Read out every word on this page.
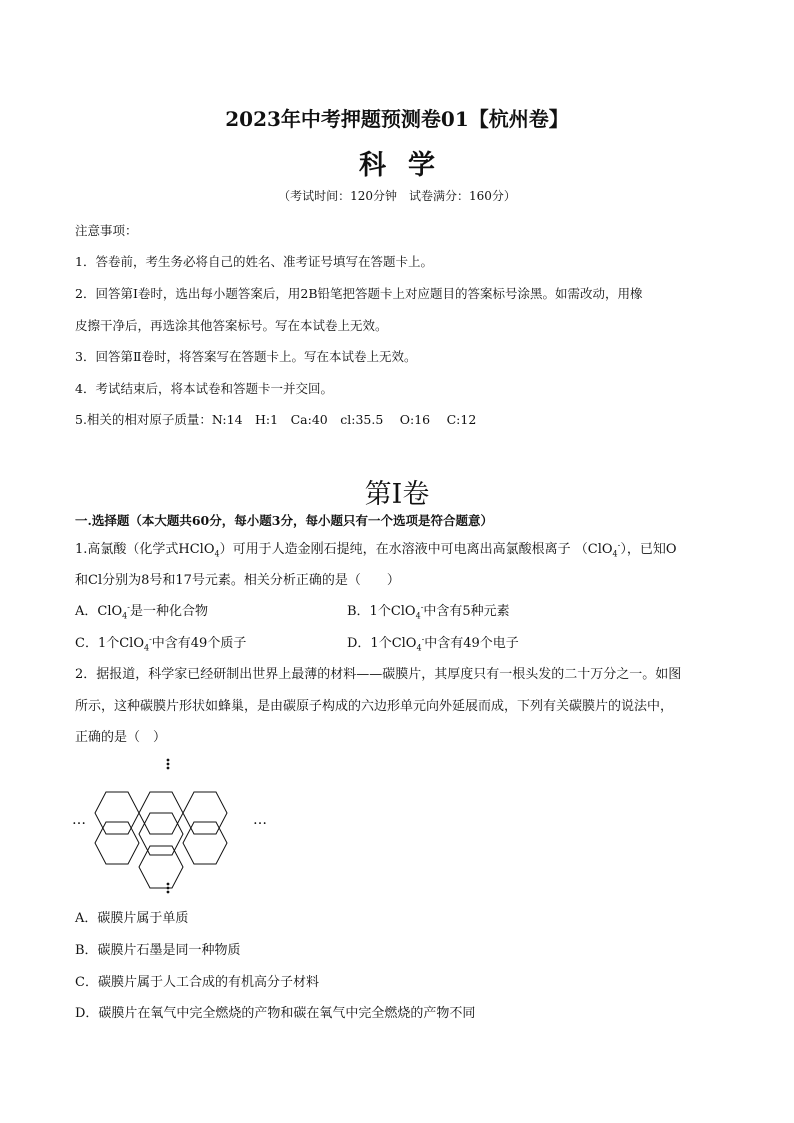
2023年中考押题预测卷01【杭州卷】
科学
（考试时间：120分钟　试卷满分：160分）
注意事项：
1．答卷前，考生务必将自己的姓名、准考证号填写在答题卡上。
2．回答第Ⅰ卷时，选出每小题答案后，用2B铅笔把答题卡上对应题目的答案标号涂黑。如需改动，用橡
皮擦干净后，再选涂其他答案标号。写在本试卷上无效。
3．回答第Ⅱ卷时，将答案写在答题卡上。写在本试卷上无效。
4．考试结束后，将本试卷和答题卡一并交回。
5.相关的相对原子质量：N:14　H:1　Ca:40　cl:35.5　 O:16　 C:12
第Ⅰ卷
一.选择题（本大题共60分，每小题3分，每小题只有一个选项是符合题意）
1.高氯酸（化学式HClO$_4$）可用于人造金刚石提纯，在水溶液中可电离出高氯酸根离子 （ClO$_4$-），已知O
和Cl分别为8号和17号元素。相关分析正确的是（　　）
A．ClO$_4$-是一种化合物	B．1个ClO$_4$-中含有5种元素
C．1个ClO$_4$-中含有49个质子	D．1个ClO$_4$-中含有49个电子
2．据报道，科学家已经研制出世界上最薄的材料——碳膜片，其厚度只有一根头发的二十万分之一。如图
所示，这种碳膜片形状如蜂巢，是由碳原子构成的六边形单元向外延展而成，下列有关碳膜片的说法中，
正确的是（　）
…	…
A．碳膜片属于单质
B．碳膜片石墨是同一种物质
C．碳膜片属于人工合成的有机高分子材料
D．碳膜片在氧气中完全燃烧的产物和碳在氧气中完全燃烧的产物不同
